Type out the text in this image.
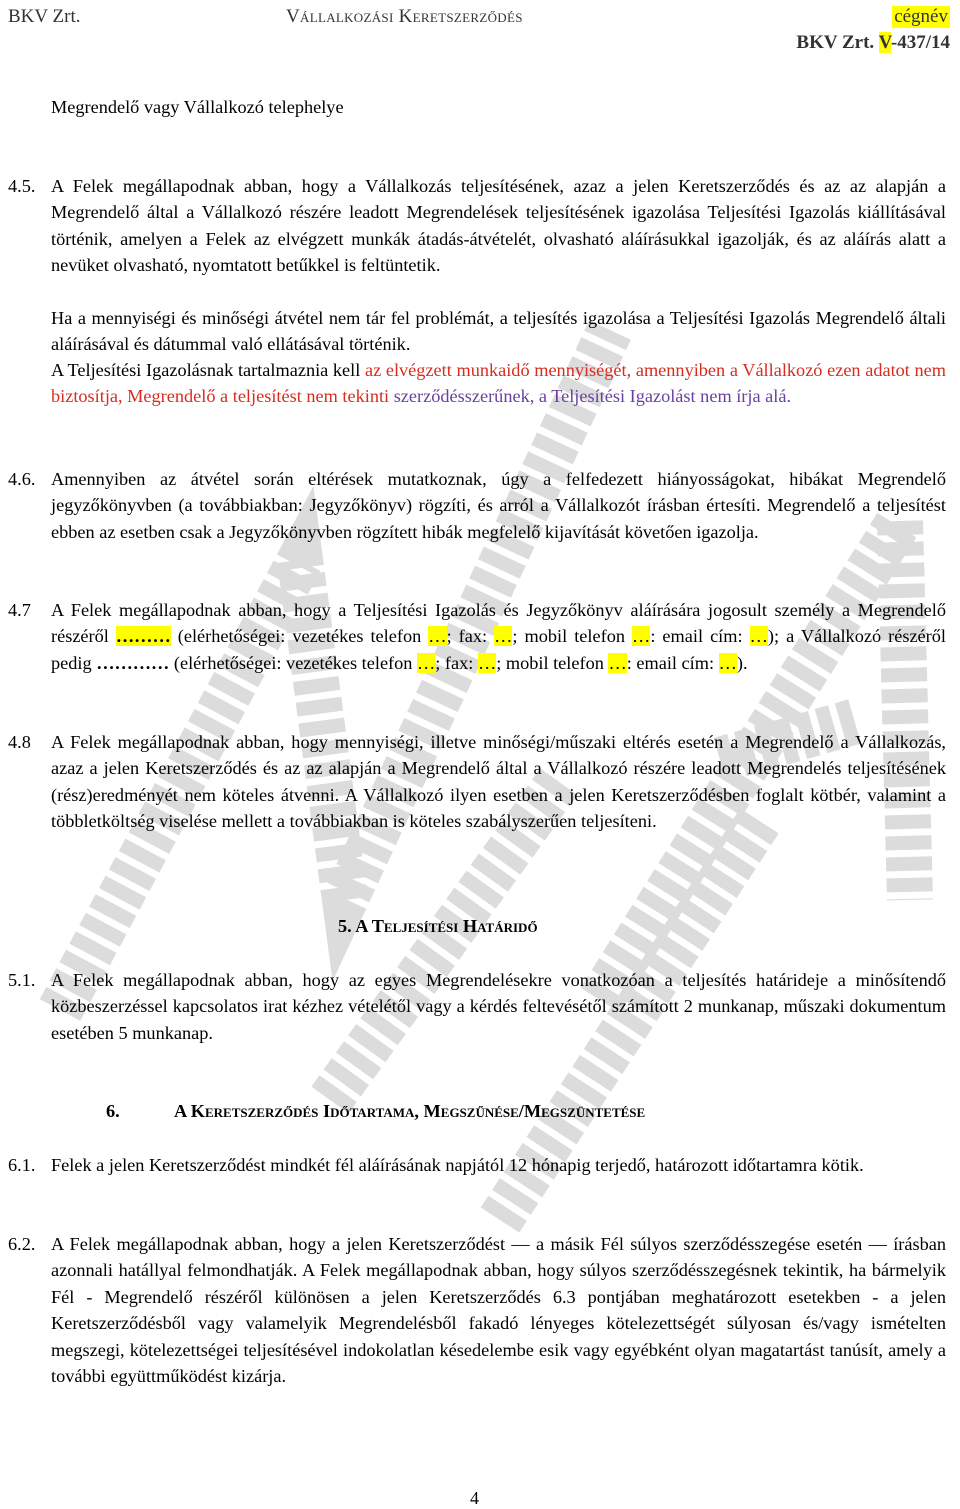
BKV Zrt.	Vállalkozási Keretszerződés	cégnév
BKV Zrt. V-437/14
Megrendelő vagy Vállalkozó telephelye
4.5. A Felek megállapodnak abban, hogy a Vállalkozás teljesítésének, azaz a jelen Keretszerződés és az az alapján a Megrendelő által a Vállalkozó részére leadott Megrendelések teljesítésének igazolása Teljesítési Igazolás kiállításával történik, amelyen a Felek az elvégzett munkák átadás-átvételét, olvasható aláírásukkal igazolják, és az aláírás alatt a nevüket olvasható, nyomtatott betűkkel is feltüntetik.
Ha a mennyiségi és minőségi átvétel nem tár fel problémát, a teljesítés igazolása a Teljesítési Igazolás Megrendelő általi aláírásával és dátummal való ellátásával történik.
A Teljesítési Igazolásnak tartalmaznia kell az elvégzett munkaidő mennyiségét, amennyiben a Vállalkozó ezen adatot nem biztosítja, Megrendelő a teljesítést nem tekinti szerződésszerűnek, a Teljesítési Igazolást nem írja alá.
4.6. Amennyiben az átvétel során eltérések mutatkoznak, úgy a felfedezett hiányosságokat, hibákat Megrendelő jegyzőkönyvben (a továbbiakban: Jegyzőkönyv) rögzíti, és arról a Vállalkozót írásban értesíti. Megrendelő a teljesítést ebben az esetben csak a Jegyzőkönyvben rögzített hibák megfelelő kijavítását követően igazolja.
4.7 A Felek megállapodnak abban, hogy a Teljesítési Igazolás és Jegyzőkönyv aláírására jogosult személy a Megrendelő részéről ……… (elérhetőségei: vezetékes telefon …; fax: …; mobil telefon …: email cím: …); a Vállalkozó részéről pedig ………… (elérhetőségei: vezetékes telefon …; fax: …; mobil telefon …: email cím: …).
4.8 A Felek megállapodnak abban, hogy mennyiségi, illetve minőségi/műszaki eltérés esetén a Megrendelő a Vállalkozás, azaz a jelen Keretszerződés és az az alapján a Megrendelő által a Vállalkozó részére leadott Megrendelés teljesítésének (rész)eredményét nem köteles átvenni. A Vállalkozó ilyen esetben a jelen Keretszerződésben foglalt kötbér, valamint a többletköltség viselése mellett a továbbiakban is köteles szabályszerűen teljesíteni.
5. A Teljesítési Határidő
5.1. A Felek megállapodnak abban, hogy az egyes Megrendelésekre vonatkozóan a teljesítés határideje a minősítendő közbeszerzéssel kapcsolatos irat kézhez vételétől vagy a kérdés feltevésétől számított 2 munkanap, műszaki dokumentum esetében 5 munkanap.
6.	A Keretszerződés Időtartama, Megszűnése/Megszüntetése
6.1. Felek a jelen Keretszerződést mindkét fél aláírásának napjától 12 hónapig terjedő, határozott időtartamra kötik.
6.2. A Felek megállapodnak abban, hogy a jelen Keretszerződést — a másik Fél súlyos szerződésszegése esetén — írásban azonnali hatállyal felmondhatják. A Felek megállapodnak abban, hogy súlyos szerződésszegésnek tekintik, ha bármelyik Fél - Megrendelő részéről különösen a jelen Keretszerződés 6.3 pontjában meghatározott esetekben - a jelen Keretszerződésből vagy valamelyik Megrendelésből fakadó lényeges kötelezettségét súlyosan és/vagy ismételten megszegi, kötelezettségei teljesítésével indokolatlan késedelembe esik vagy egyébként olyan magatartást tanúsít, amely a további együttműködést kizárja.
4
